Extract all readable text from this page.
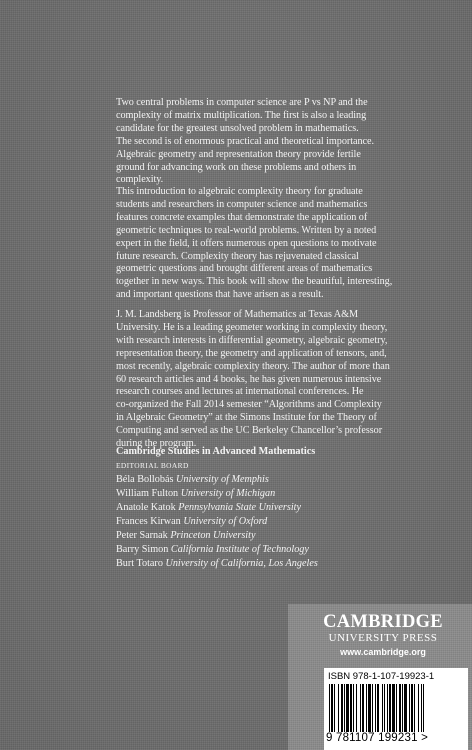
Two central problems in computer science are P vs NP and the
complexity of matrix multiplication. The first is also a leading
candidate for the greatest unsolved problem in mathematics.
The second is of enormous practical and theoretical importance.
Algebraic geometry and representation theory provide fertile
ground for advancing work on these problems and others in
complexity.
This introduction to algebraic complexity theory for graduate
students and researchers in computer science and mathematics
features concrete examples that demonstrate the application of
geometric techniques to real-world problems. Written by a noted
expert in the field, it offers numerous open questions to motivate
future research. Complexity theory has rejuvenated classical
geometric questions and brought different areas of mathematics
together in new ways. This book will show the beautiful, interesting,
and important questions that have arisen as a result.
J. M. Landsberg is Professor of Mathematics at Texas A&M
University. He is a leading geometer working in complexity theory,
with research interests in differential geometry, algebraic geometry,
representation theory, the geometry and application of tensors, and,
most recently, algebraic complexity theory. The author of more than
60 research articles and 4 books, he has given numerous intensive
research courses and lectures at international conferences. He
co-organized the Fall 2014 semester “Algorithms and Complexity
in Algebraic Geometry” at the Simons Institute for the Theory of
Computing and served as the UC Berkeley Chancellor’s professor
during the program.
Cambridge Studies in Advanced Mathematics
EDITORIAL BOARD
Béla Bollobás University of Memphis
William Fulton University of Michigan
Anatole Katok Pennsylvania State University
Frances Kirwan University of Oxford
Peter Sarnak Princeton University
Barry Simon California Institute of Technology
Burt Totaro University of California, Los Angeles
CAMBRIDGE
UNIVERSITY PRESS
www.cambridge.org
ISBN 978-1-107-19923-1
9 781107 199231 >
